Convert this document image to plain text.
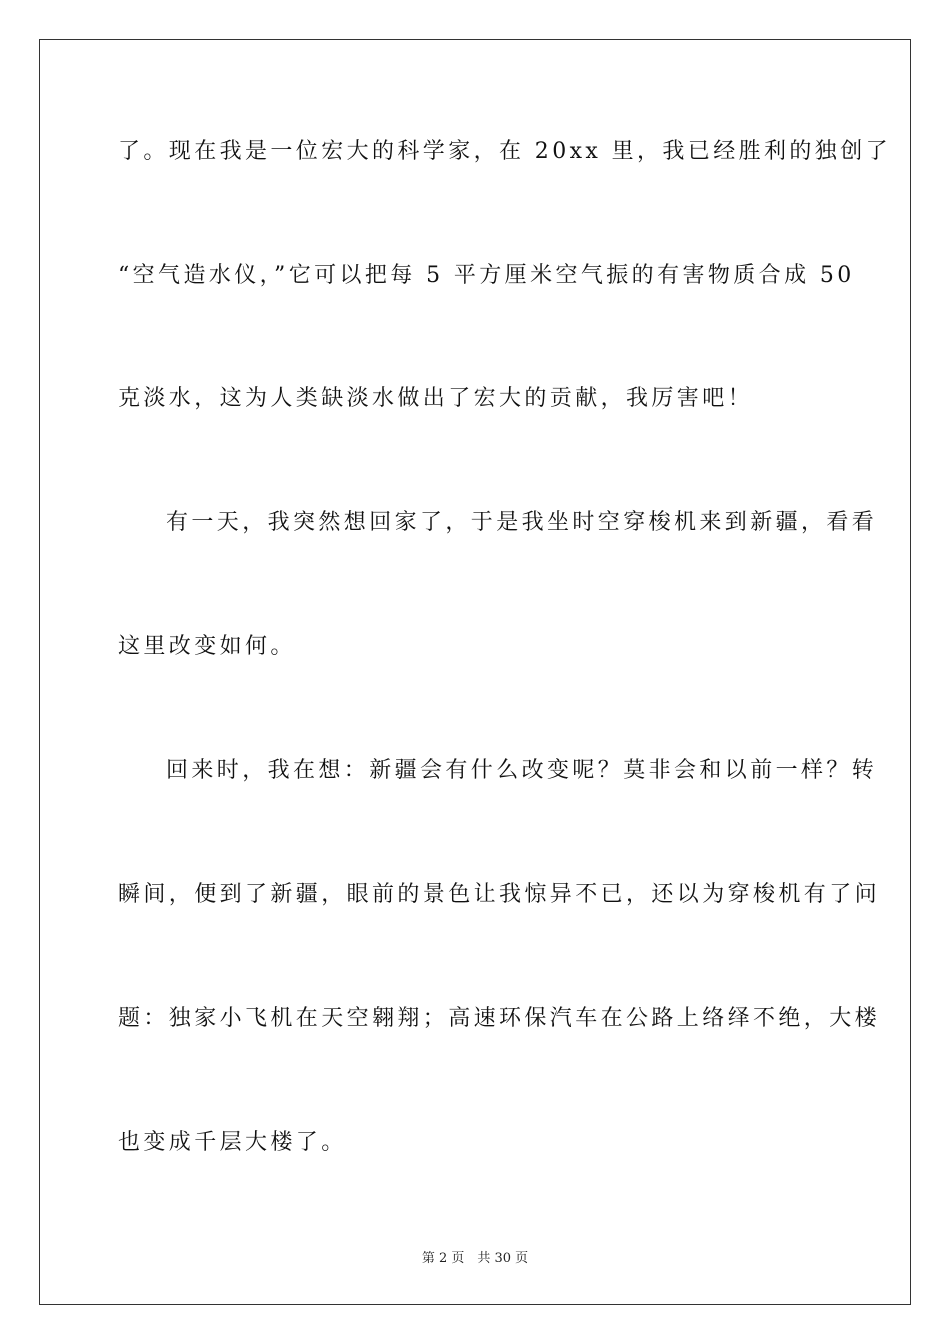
了。现在我是一位宏大的科学家，在 20xx 里，我已经胜利的独创了
“空气造水仪，”它可以把每 5 平方厘米空气振的有害物质合成 50
克淡水，这为人类缺淡水做出了宏大的贡献，我厉害吧！
有一天，我突然想回家了，于是我坐时空穿梭机来到新疆，看看
这里改变如何。
回来时，我在想：新疆会有什么改变呢？莫非会和以前一样？转
瞬间，便到了新疆，眼前的景色让我惊异不已，还以为穿梭机有了问
题：独家小飞机在天空翱翔；高速环保汽车在公路上络绎不绝，大楼
也变成千层大楼了。
第 2 页　共 30 页
